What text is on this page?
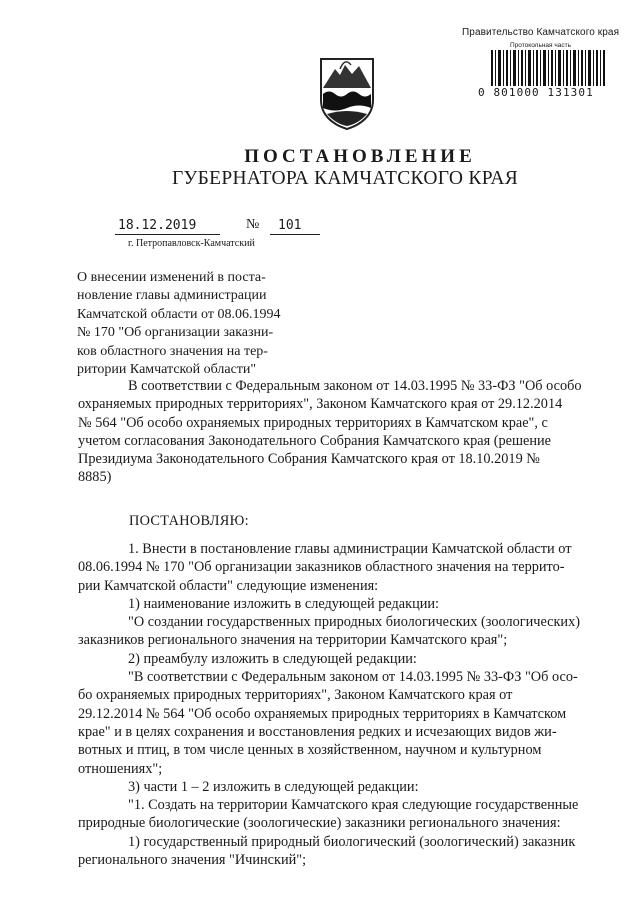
Правительство Камчатского края
Протокольная часть
0 801000 131301
ПОСТАНОВЛЕНИЕ
ГУБЕРНАТОРА КАМЧАТСКОГО КРАЯ
18.12.2019	№ 101
г. Петропавловск-Камчатский
О внесении изменений в поста-
новление главы администрации
Камчатской области от 08.06.1994
№ 170 "Об организации заказни-
ков областного значения на тер-
ритории Камчатской области"
В соответствии с Федеральным законом от 14.03.1995 № 33-ФЗ "Об особо
охраняемых природных территориях", Законом Камчатского края от 29.12.2014
№ 564 "Об особо охраняемых природных территориях в Камчатском крае", с
учетом согласования Законодательного Собрания Камчатского края (решение
Президиума Законодательного Собрания Камчатского края от 18.10.2019 №
8885)
ПОСТАНОВЛЯЮ:
1. Внести в постановление главы администрации Камчатской области от
08.06.1994 № 170 "Об организации заказников областного значения на террито-
рии Камчатской области" следующие изменения:
1) наименование изложить в следующей редакции:
"О создании государственных природных биологических (зоологических)
заказников регионального значения на территории Камчатского края";
2) преамбулу изложить в следующей редакции:
"В соответствии с Федеральным законом от 14.03.1995 № 33-ФЗ "Об осо-
бо охраняемых природных территориях", Законом Камчатского края от
29.12.2014 № 564 "Об особо охраняемых природных территориях в Камчатском
крае" и в целях сохранения и восстановления редких и исчезающих видов жи-
вотных и птиц, в том числе ценных в хозяйственном, научном и культурном
отношениях";
3) части 1 – 2 изложить в следующей редакции:
"1. Создать на территории Камчатского края следующие государственные
природные биологические (зоологические) заказники регионального значения:
1) государственный природный биологический (зоологический) заказник
регионального значения "Ичинский";
